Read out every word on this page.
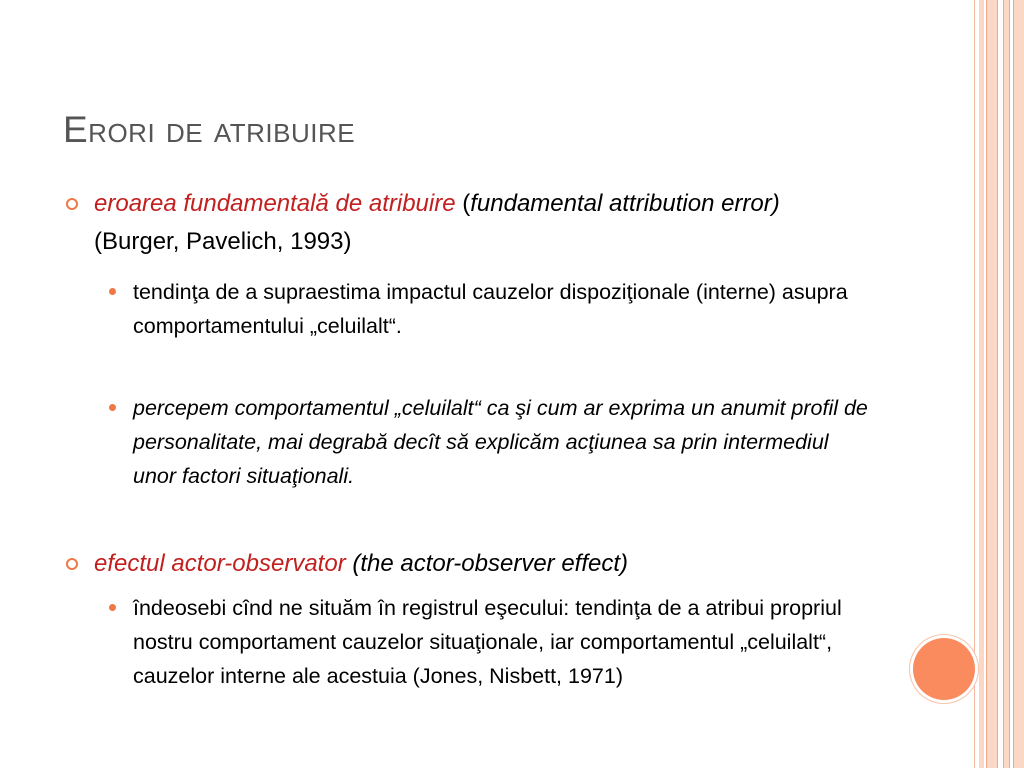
Erori de atribuire
eroarea fundamentală de atribuire (fundamental attribution error) (Burger, Pavelich, 1993)
tendinţa de a supraestima impactul cauzelor dispoziţionale (interne) asupra comportamentului „celuilalt“.
percepem comportamentul „celuilalt“ ca şi cum ar exprima un anumit profil de personalitate, mai degrabă decît să explicăm acţiunea sa prin intermediul unor factori situaţionali.
efectul actor-observator (the actor-observer effect)
îndeosebi cînd ne situăm în registrul eşecului: tendinţa de a atribui propriul nostru comportament cauzelor situaţionale, iar comportamentul „celuilalt“, cauzelor interne ale acestuia (Jones, Nisbett, 1971)
